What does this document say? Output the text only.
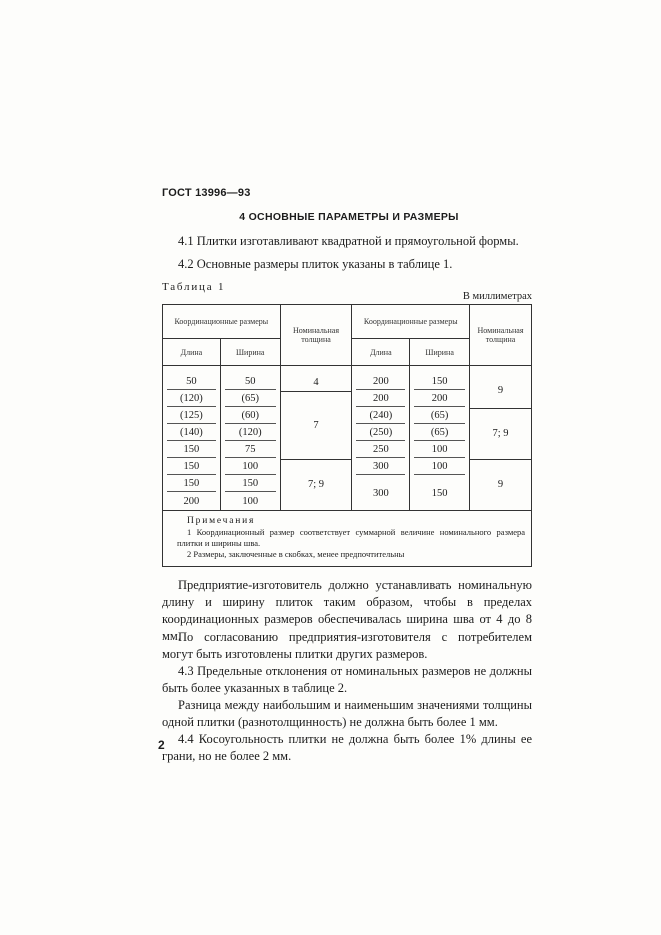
ГОСТ 13996—93
4 ОСНОВНЫЕ ПАРАМЕТРЫ И РАЗМЕРЫ
4.1 Плитки изготавливают квадратной и прямоугольной формы.
4.2 Основные размеры плиток указаны в таблице 1.
Таблица 1
В миллиметрах
Координационные размеры		Номинальная толщина	Координационные размеры		Номинальная толщина
Длина	Ширина		Длина	Ширина	

50	50	4	200	150	9

(120)	(65)	7	200	200	

(125)	(60)		(240)	(65)	7; 9

(140)	(120)		(250)	(65)	

150	75		250	100	

150	100	7; 9	300	100	9

150	150		300	150	

200	100				

Примечания
1 Координационный размер соответствует суммарной величине номинального размера плитки и ширины шва.
2 Размеры, заключенные в скобках, менее предпочтительны					
Предприятие-изготовитель должно устанавливать номинальную длину и ширину плиток таким образом, чтобы в пределах координационных размеров обеспечивалась ширина шва от 4 до 8 мм.
По согласованию предприятия-изготовителя с потребителем могут быть изготовлены плитки других размеров.
4.3 Предельные отклонения от номинальных размеров не должны быть более указанных в таблице 2.
Разница между наибольшим и наименьшим значениями толщины одной плитки (разнотолщинность) не должна быть более 1 мм.
4.4 Косоугольность плитки не должна быть более 1% длины ее грани, но не более 2 мм.
2
